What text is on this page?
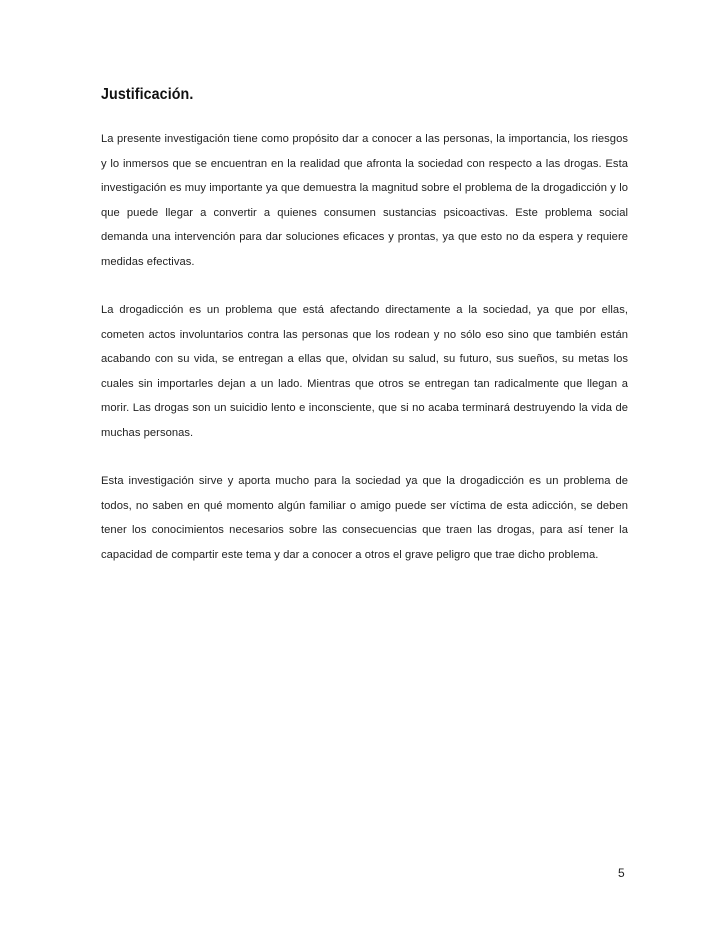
Justificación.

La presente investigación tiene como propósito dar a conocer a las personas, la importancia, los riesgos y lo inmersos que se encuentran en la realidad que afronta la sociedad con respecto a las drogas. Esta investigación es muy importante ya que demuestra la magnitud sobre el problema de la drogadicción y lo que puede llegar a convertir a quienes consumen sustancias psicoactivas. Este problema social demanda una intervención para dar soluciones eficaces y prontas, ya que esto no da espera y requiere medidas efectivas.

La drogadicción es un problema que está afectando directamente a la sociedad, ya que por ellas, cometen actos involuntarios contra las personas que los rodean y no sólo eso sino que también están acabando con su vida, se entregan a ellas que, olvidan su salud, su futuro, sus sueños, su metas los cuales sin importarles dejan a un lado. Mientras que otros se entregan tan radicalmente que llegan a morir. Las drogas son un suicidio lento e inconsciente, que si no acaba terminará destruyendo la vida de muchas personas.

Esta investigación sirve y aporta mucho para la sociedad ya que la drogadicción es un problema de todos, no saben en qué momento algún familiar o amigo puede ser víctima de esta adicción, se deben tener los conocimientos necesarios sobre las consecuencias que traen las drogas, para así tener la capacidad de compartir este tema y dar a conocer a otros el grave peligro que trae dicho problema.

5
